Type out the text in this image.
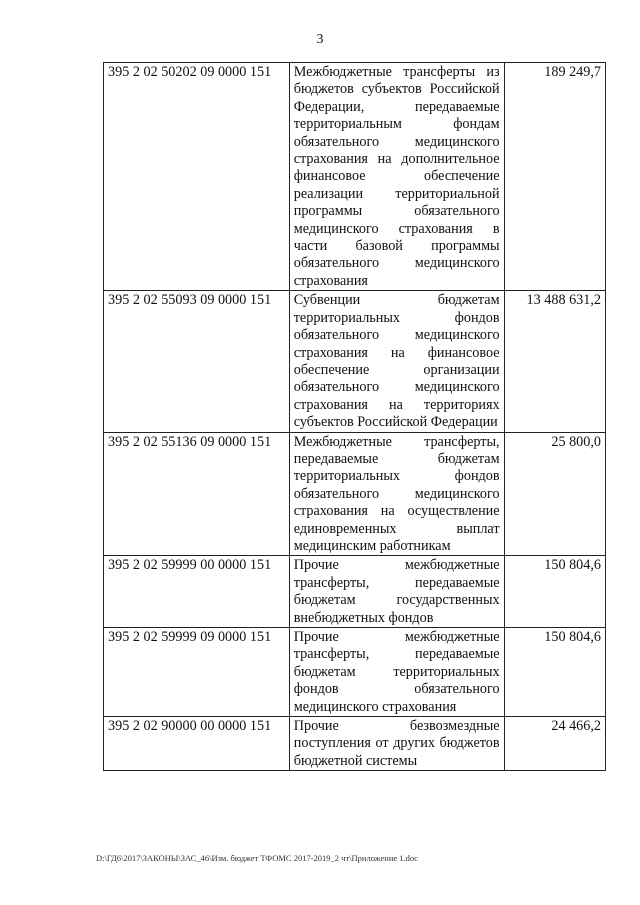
3
395 2 02 50202 09 0000 151	Межбюджетные трансферты из бюджетов субъектов Российской Федерации, передаваемые территориальным фондам обязательного медицинского страхования на дополнительное финансовое обеспечение реализации территориальной программы обязательного медицинского страхования в части базовой программы обязательного медицинского страхования	189 249,7
395 2 02 55093 09 0000 151	Субвенции бюджетам территориальных фондов обязательного медицинского страхования на финансовое обеспечение организации обязательного медицинского страхования на территориях субъектов Российской Федерации	13 488 631,2
395 2 02 55136 09 0000 151	Межбюджетные трансферты, передаваемые бюджетам территориальных фондов обязательного медицинского страхования на осуществление единовременных выплат медицинским работникам	25 800,0
395 2 02 59999 00 0000 151	Прочие межбюджетные трансферты, передаваемые бюджетам государственных внебюджетных фондов	150 804,6
395 2 02 59999 09 0000 151	Прочие межбюджетные трансферты, передаваемые бюджетам территориальных фондов обязательного медицинского страхования	150 804,6
395 2 02 90000 00 0000 151	Прочие безвозмездные поступления от других бюджетов бюджетной системы	24 466,2
D:\ГД6\2017\ЗАКОНЫ\ЗАС_46\Изм. бюджет ТФОМС 2017-2019_2 чт\Приложение 1.doc
